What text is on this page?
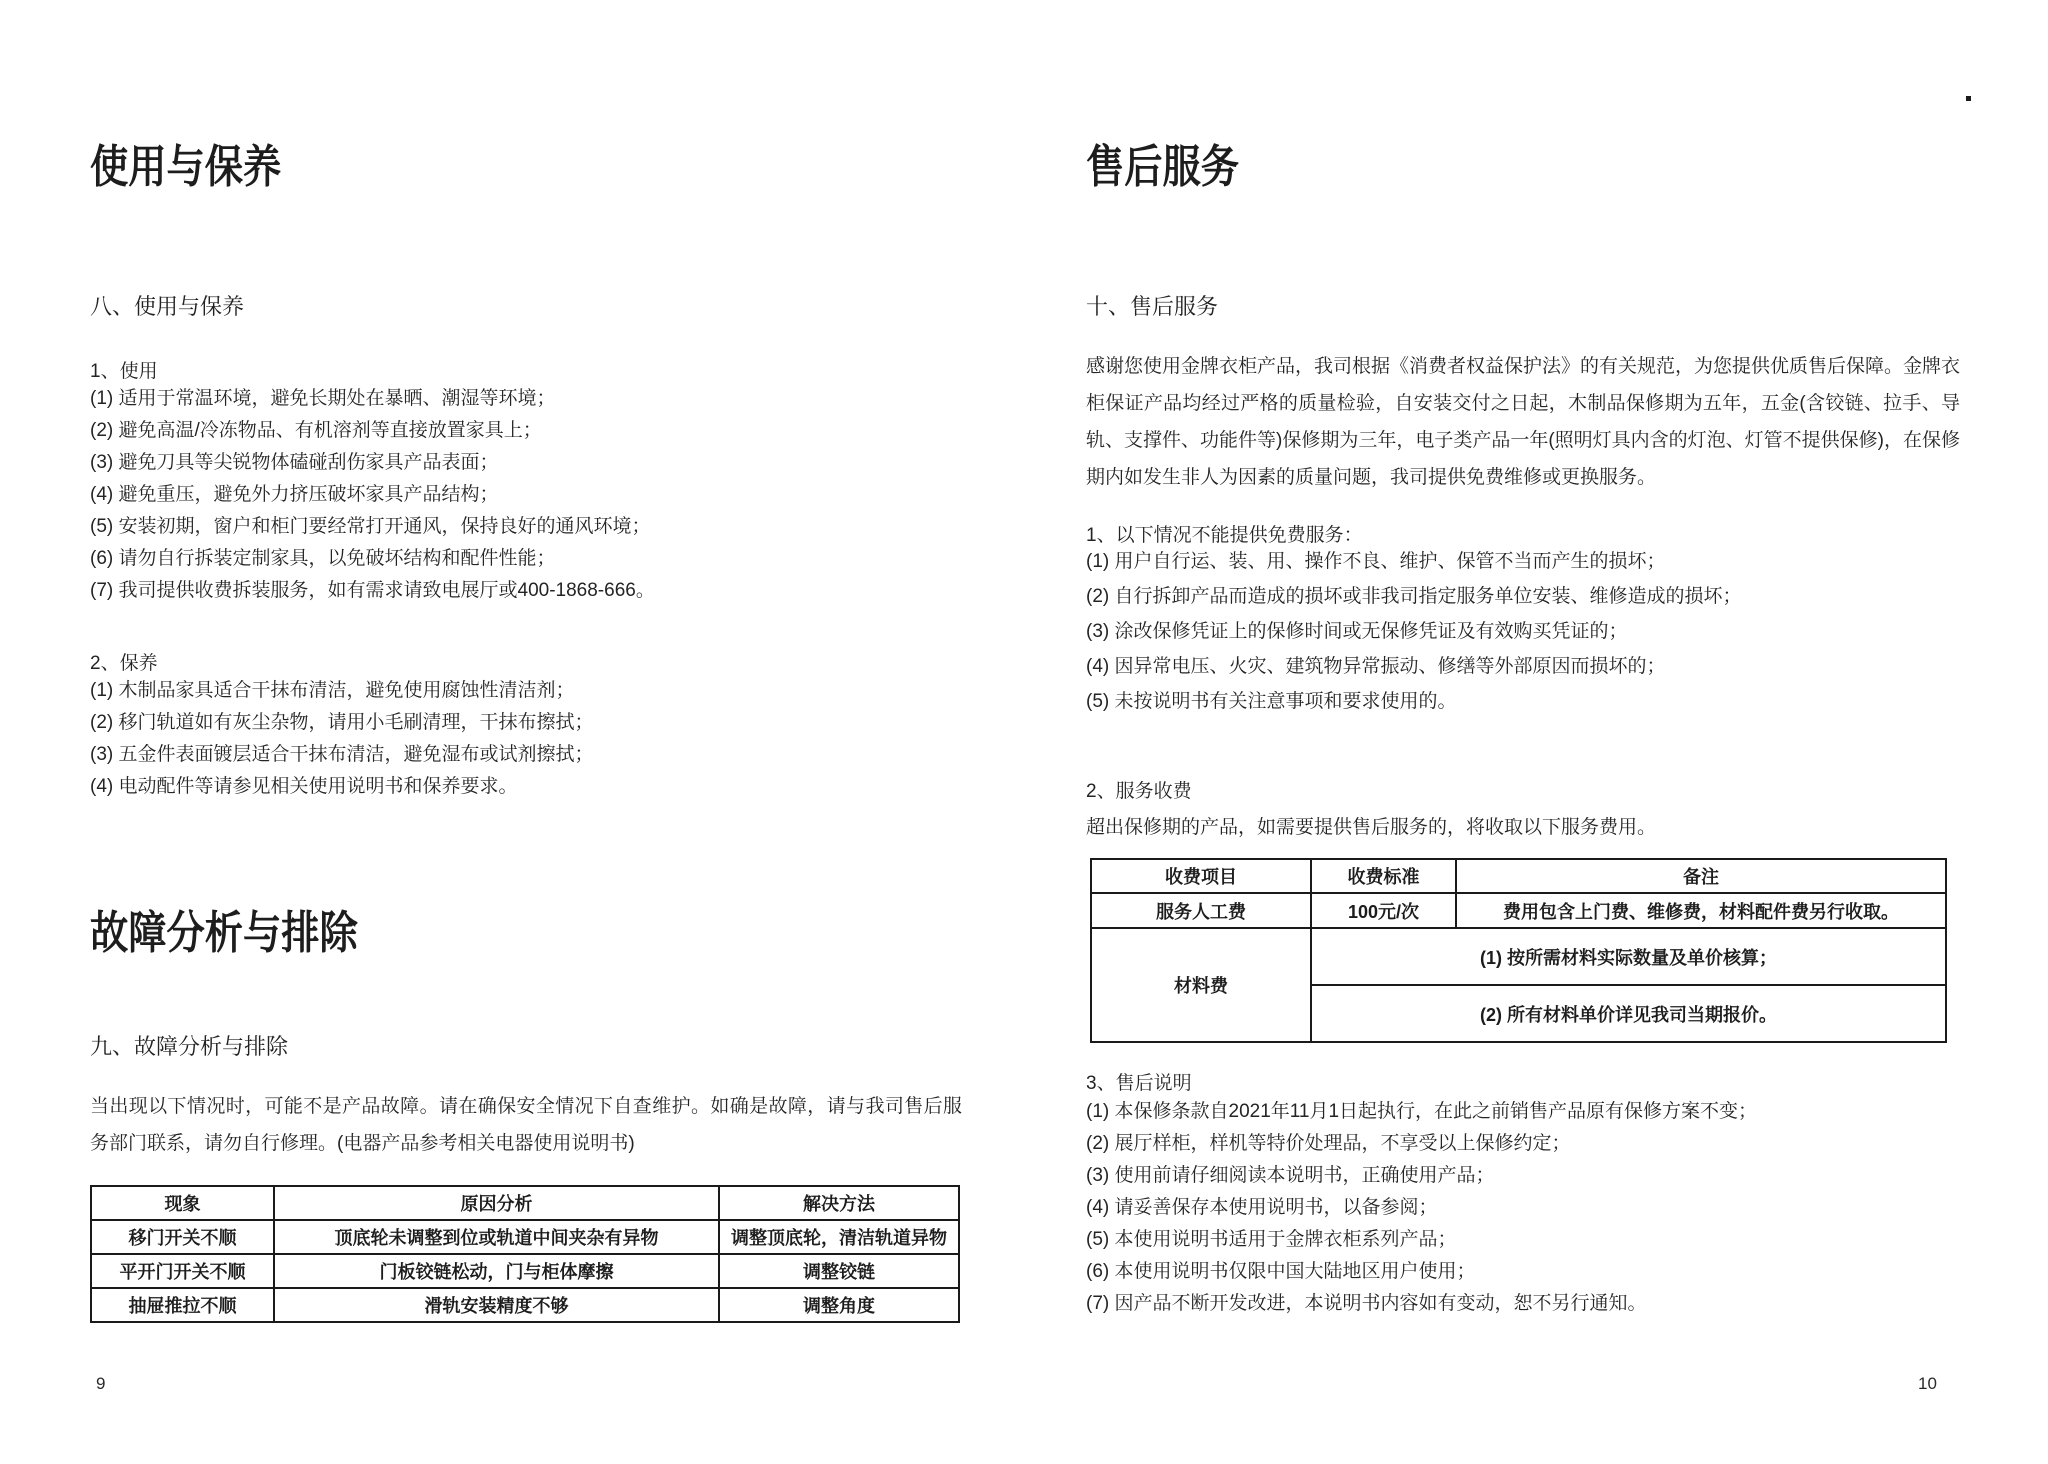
使用与保养
八、使用与保养
1、使用
(1) 适用于常温环境，避免长期处在暴晒、潮湿等环境；
(2) 避免高温/冷冻物品、有机溶剂等直接放置家具上；
(3) 避免刀具等尖锐物体磕碰刮伤家具产品表面；
(4) 避免重压，避免外力挤压破坏家具产品结构；
(5) 安装初期，窗户和柜门要经常打开通风，保持良好的通风环境；
(6) 请勿自行拆装定制家具，以免破坏结构和配件性能；
(7) 我司提供收费拆装服务，如有需求请致电展厅或400-1868-666。
2、保养
(1) 木制品家具适合干抹布清洁，避免使用腐蚀性清洁剂；
(2) 移门轨道如有灰尘杂物，请用小毛刷清理，干抹布擦拭；
(3) 五金件表面镀层适合干抹布清洁，避免湿布或试剂擦拭；
(4) 电动配件等请参见相关使用说明书和保养要求。
故障分析与排除
九、故障分析与排除
当出现以下情况时，可能不是产品故障。请在确保安全情况下自查维护。如确是故障，请与我司售后服务部门联系，请勿自行修理。(电器产品参考相关电器使用说明书)
现象	原因分析	解决方法
移门开关不顺	顶底轮未调整到位或轨道中间夹杂有异物	调整顶底轮，清洁轨道异物
平开门开关不顺	门板铰链松动，门与柜体摩擦	调整铰链
抽屉推拉不顺	滑轨安装精度不够	调整角度
9
售后服务
十、售后服务
感谢您使用金牌衣柜产品，我司根据《消费者权益保护法》的有关规范，为您提供优质售后保障。金牌衣柜保证产品均经过严格的质量检验，自安装交付之日起，木制品保修期为五年，五金(含铰链、拉手、导轨、支撑件、功能件等)保修期为三年，电子类产品一年(照明灯具内含的灯泡、灯管不提供保修)，在保修期内如发生非人为因素的质量问题，我司提供免费维修或更换服务。
1、以下情况不能提供免费服务：
(1) 用户自行运、装、用、操作不良、维护、保管不当而产生的损坏；
(2) 自行拆卸产品而造成的损坏或非我司指定服务单位安装、维修造成的损坏；
(3) 涂改保修凭证上的保修时间或无保修凭证及有效购买凭证的；
(4) 因异常电压、火灾、建筑物异常振动、修缮等外部原因而损坏的；
(5) 未按说明书有关注意事项和要求使用的。
2、服务收费
超出保修期的产品，如需要提供售后服务的，将收取以下服务费用。
收费项目	收费标准	备注
服务人工费	100元/次	费用包含上门费、维修费，材料配件费另行收取。
材料费	(1) 按所需材料实际数量及单价核算；	
	(2) 所有材料单价详见我司当期报价。	
3、售后说明
(1) 本保修条款自2021年11月1日起执行，在此之前销售产品原有保修方案不变；
(2) 展厅样柜，样机等特价处理品，不享受以上保修约定；
(3) 使用前请仔细阅读本说明书，正确使用产品；
(4) 请妥善保存本使用说明书，以备参阅；
(5) 本使用说明书适用于金牌衣柜系列产品；
(6) 本使用说明书仅限中国大陆地区用户使用；
(7) 因产品不断开发改进，本说明书内容如有变动，恕不另行通知。
10
